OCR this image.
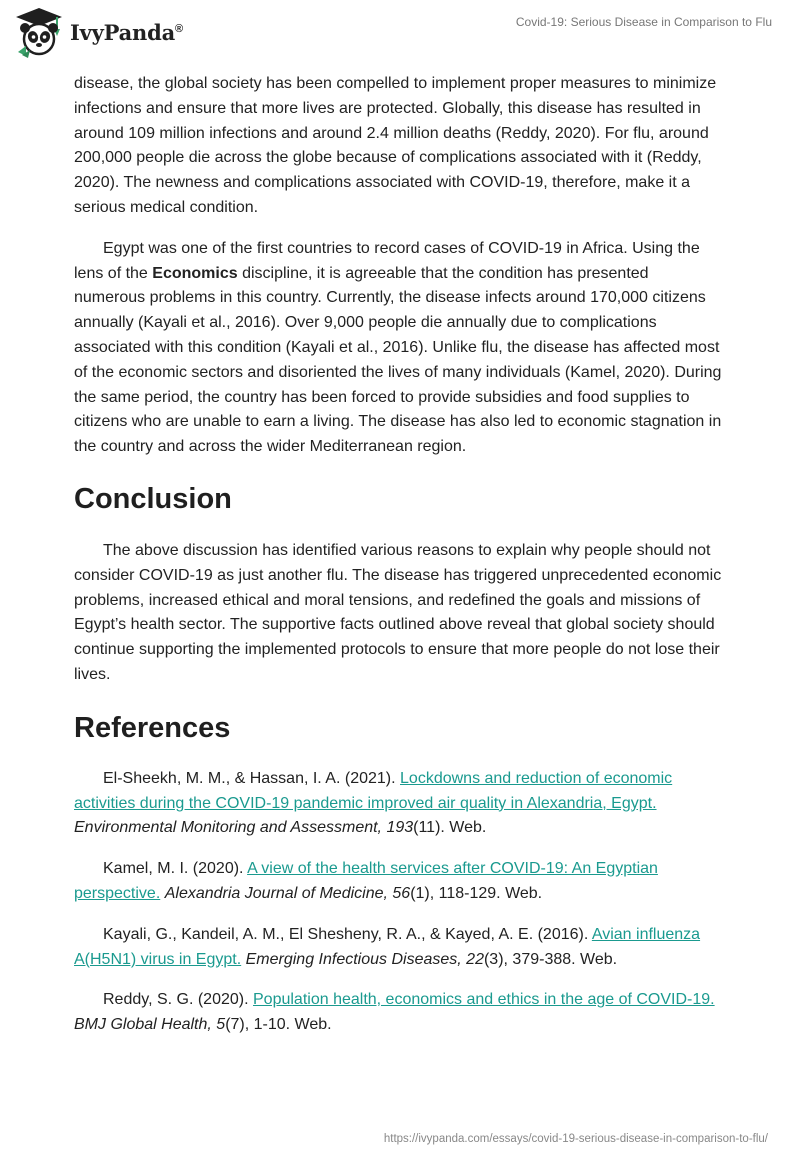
IvyPanda®	Covid-19: Serious Disease in Comparison to Flu

disease, the global society has been compelled to implement proper measures to minimize infections and ensure that more lives are protected. Globally, this disease has resulted in around 109 million infections and around 2.4 million deaths (Reddy, 2020). For flu, around 200,000 people die across the globe because of complications associated with it (Reddy, 2020). The newness and complications associated with COVID-19, therefore, make it a serious medical condition.

Egypt was one of the first countries to record cases of COVID-19 in Africa. Using the lens of the Economics discipline, it is agreeable that the condition has presented numerous problems in this country. Currently, the disease infects around 170,000 citizens annually (Kayali et al., 2016). Over 9,000 people die annually due to complications associated with this condition (Kayali et al., 2016). Unlike flu, the disease has affected most of the economic sectors and disoriented the lives of many individuals (Kamel, 2020). During the same period, the country has been forced to provide subsidies and food supplies to citizens who are unable to earn a living. The disease has also led to economic stagnation in the country and across the wider Mediterranean region.

Conclusion

The above discussion has identified various reasons to explain why people should not consider COVID-19 as just another flu. The disease has triggered unprecedented economic problems, increased ethical and moral tensions, and redefined the goals and missions of Egypt’s health sector. The supportive facts outlined above reveal that global society should continue supporting the implemented protocols to ensure that more people do not lose their lives.

References

El-Sheekh, M. M., & Hassan, I. A. (2021). Lockdowns and reduction of economic activities during the COVID-19 pandemic improved air quality in Alexandria, Egypt. Environmental Monitoring and Assessment, 193(11). Web.

Kamel, M. I. (2020). A view of the health services after COVID-19: An Egyptian perspective. Alexandria Journal of Medicine, 56(1), 118-129. Web.

Kayali, G., Kandeil, A. M., El Shesheny, R. A., & Kayed, A. E. (2016). Avian influenza A(H5N1) virus in Egypt. Emerging Infectious Diseases, 22(3), 379-388. Web.

Reddy, S. G. (2020). Population health, economics and ethics in the age of COVID-19. BMJ Global Health, 5(7), 1-10. Web.

https://ivypanda.com/essays/covid-19-serious-disease-in-comparison-to-flu/
